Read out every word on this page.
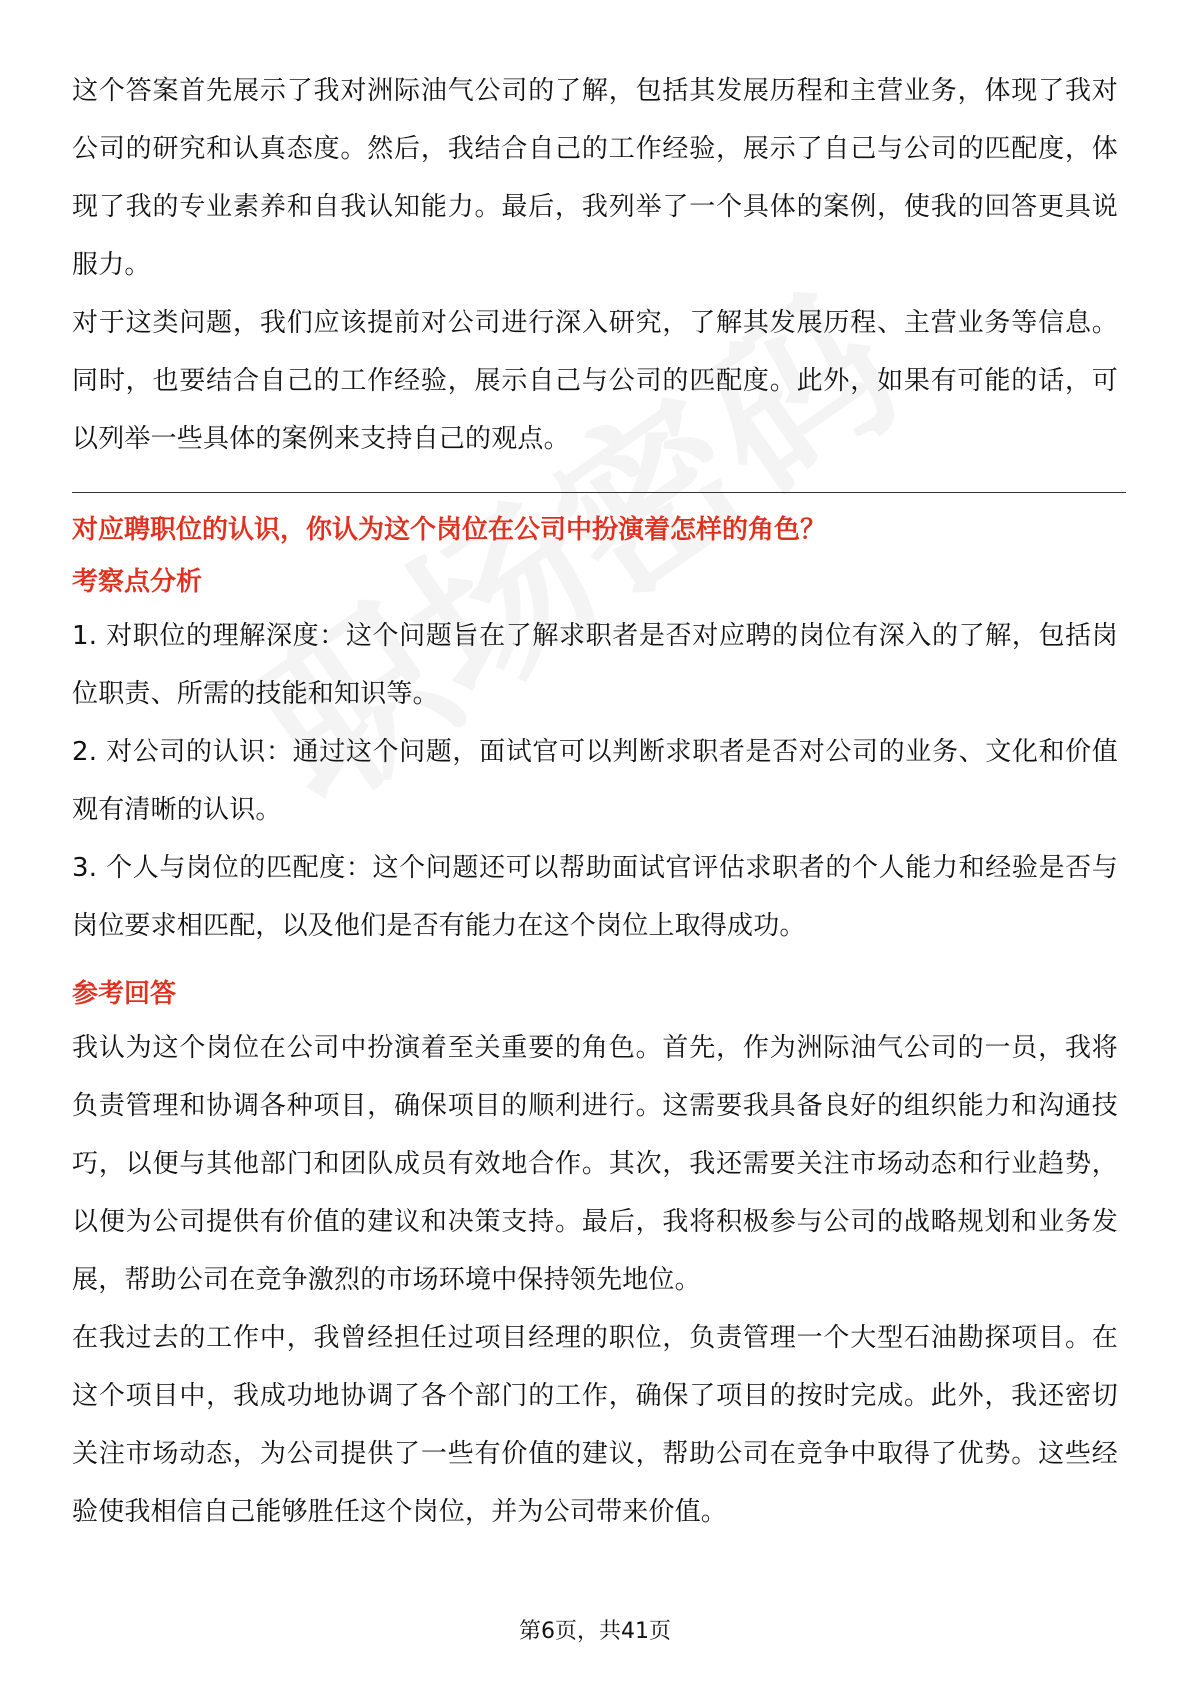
这个答案首先展示了我对洲际油气公司的了解，包括其发展历程和主营业务，体现了我对公司的研究和认真态度。然后，我结合自己的工作经验，展示了自己与公司的匹配度，体现了我的专业素养和自我认知能力。最后，我列举了一个具体的案例，使我的回答更具说服力。

对于这类问题，我们应该提前对公司进行深入研究，了解其发展历程、主营业务等信息。同时，也要结合自己的工作经验，展示自己与公司的匹配度。此外，如果有可能的话，可以列举一些具体的案例来支持自己的观点。

对应聘职位的认识，你认为这个岗位在公司中扮演着怎样的角色？

考察点分析

1. 对职位的理解深度：这个问题旨在了解求职者是否对应聘的岗位有深入的了解，包括岗位职责、所需的技能和知识等。

2. 对公司的认识：通过这个问题，面试官可以判断求职者是否对公司的业务、文化和价值观有清晰的认识。

3. 个人与岗位的匹配度：这个问题还可以帮助面试官评估求职者的个人能力和经验是否与岗位要求相匹配，以及他们是否有能力在这个岗位上取得成功。

参考回答

我认为这个岗位在公司中扮演着至关重要的角色。首先，作为洲际油气公司的一员，我将负责管理和协调各种项目，确保项目的顺利进行。这需要我具备良好的组织能力和沟通技巧，以便与其他部门和团队成员有效地合作。其次，我还需要关注市场动态和行业趋势，以便为公司提供有价值的建议和决策支持。最后，我将积极参与公司的战略规划和业务发展，帮助公司在竞争激烈的市场环境中保持领先地位。

在我过去的工作中，我曾经担任过项目经理的职位，负责管理一个大型石油勘探项目。在这个项目中，我成功地协调了各个部门的工作，确保了项目的按时完成。此外，我还密切关注市场动态，为公司提供了一些有价值的建议，帮助公司在竞争中取得了优势。这些经验使我相信自己能够胜任这个岗位，并为公司带来价值。

第6页，共41页
